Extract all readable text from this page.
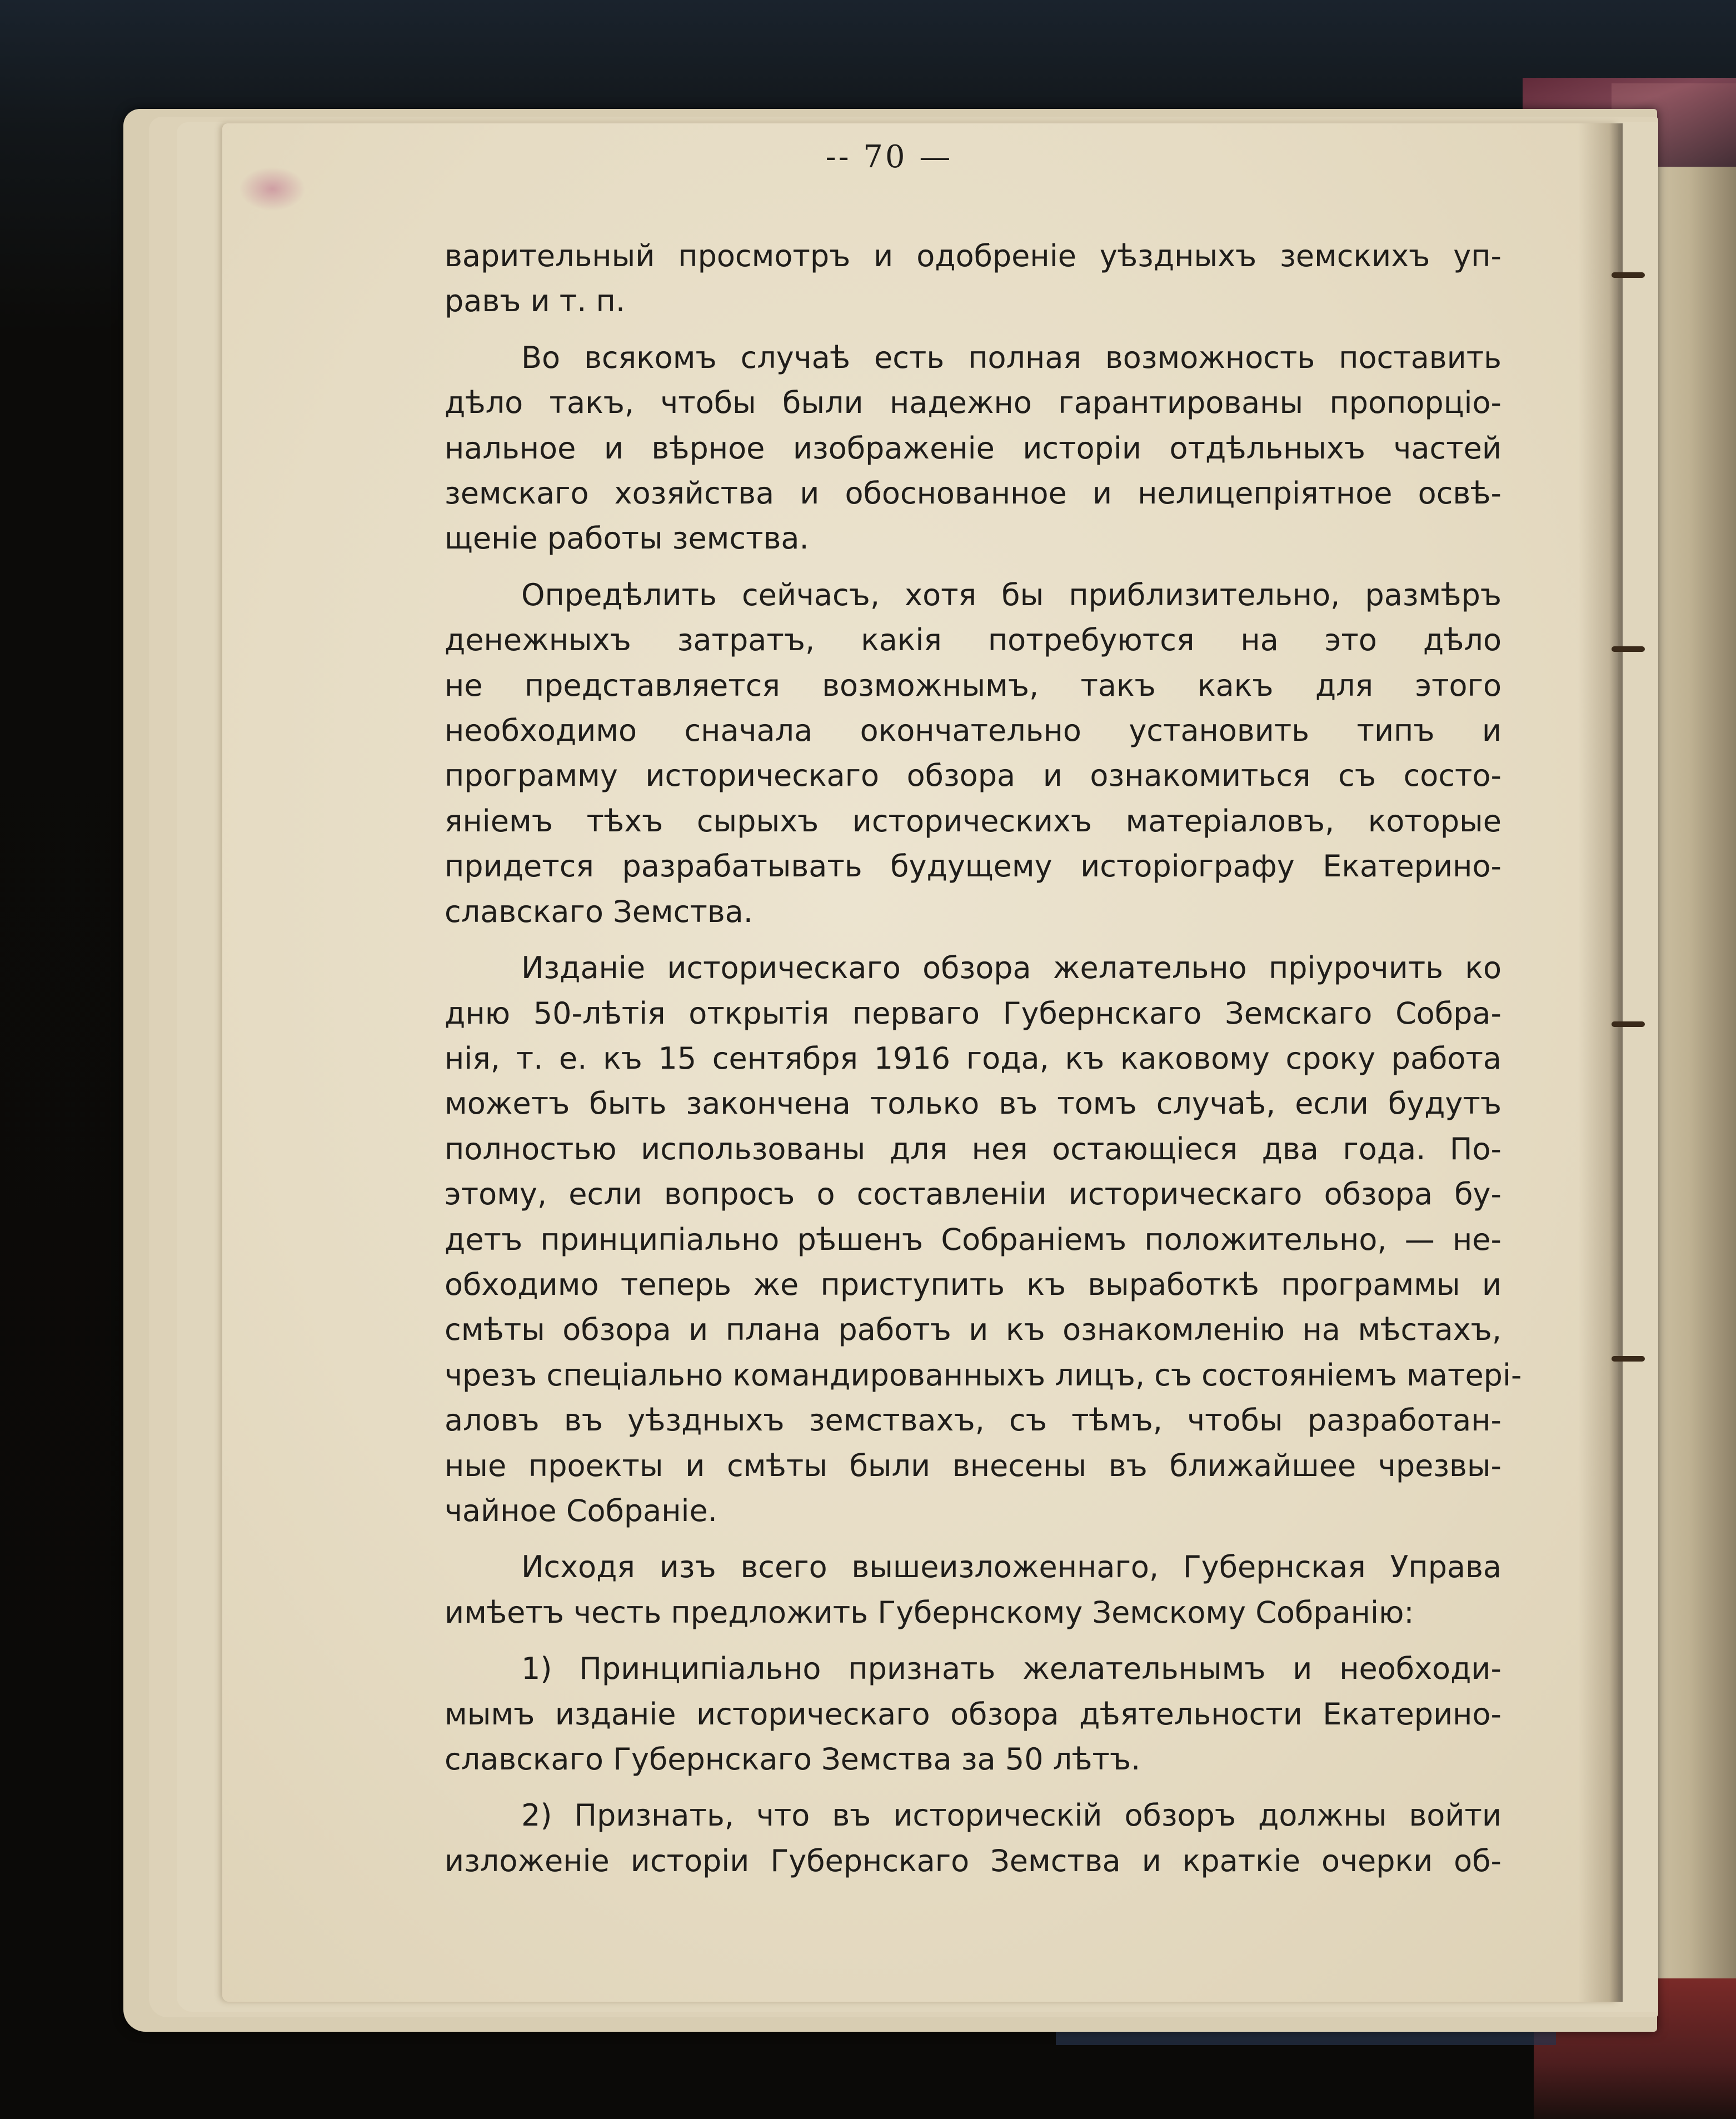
-- 70 —
варительный просмотръ и одобреніе уѣздныхъ земскихъ уп-
равъ и т. п.
Во всякомъ случаѣ есть полная возможность поставить
дѣло такъ, чтобы были надежно гарантированы пропорціо-
нальное и вѣрное изображеніе исторіи отдѣльныхъ частей
земскаго хозяйства и обоснованное и нелицепріятное освѣ-
щеніе работы земства.
Опредѣлить сейчасъ, хотя бы приблизительно, размѣръ
денежныхъ затратъ, какія потребуются на это дѣло
не представляется возможнымъ, такъ какъ для этого
необходимо сначала окончательно установить типъ и
программу историческаго обзора и ознакомиться съ состо-
яніемъ тѣхъ сырыхъ историческихъ матеріаловъ, которые
придется разрабатывать будущему исторіографу Екатерино-
славскаго Земства.
Изданіе историческаго обзора желательно пріурочить ко
дню 50-лѣтія открытія перваго Губернскаго Земскаго Собра-
нія, т. е. къ 15 сентября 1916 года, къ каковому сроку работа
можетъ быть закончена только въ томъ случаѣ, если будутъ
полностью использованы для нея остающіеся два года. По-
этому, если вопросъ о составленіи историческаго обзора бу-
детъ принципіально рѣшенъ Собраніемъ положительно, — не-
обходимо теперь же приступить къ выработкѣ программы и
смѣты обзора и плана работъ и къ ознакомленію на мѣстахъ,
чрезъ спеціально командированныхъ лицъ, съ состояніемъ матері-
аловъ въ уѣздныхъ земствахъ, съ тѣмъ, чтобы разработан-
ные проекты и смѣты были внесены въ ближайшее чрезвы-
чайное Собраніе.
Исходя изъ всего вышеизложеннаго, Губернская Управа
имѣетъ честь предложить Губернскому Земскому Собранію:
1) Принципіально признать желательнымъ и необходи-
мымъ изданіе историческаго обзора дѣятельности Екатерино-
славскаго Губернскаго Земства за 50 лѣтъ.
2) Признать, что въ историческій обзоръ должны войти
изложеніе исторіи Губернскаго Земства и краткіе очерки об-
